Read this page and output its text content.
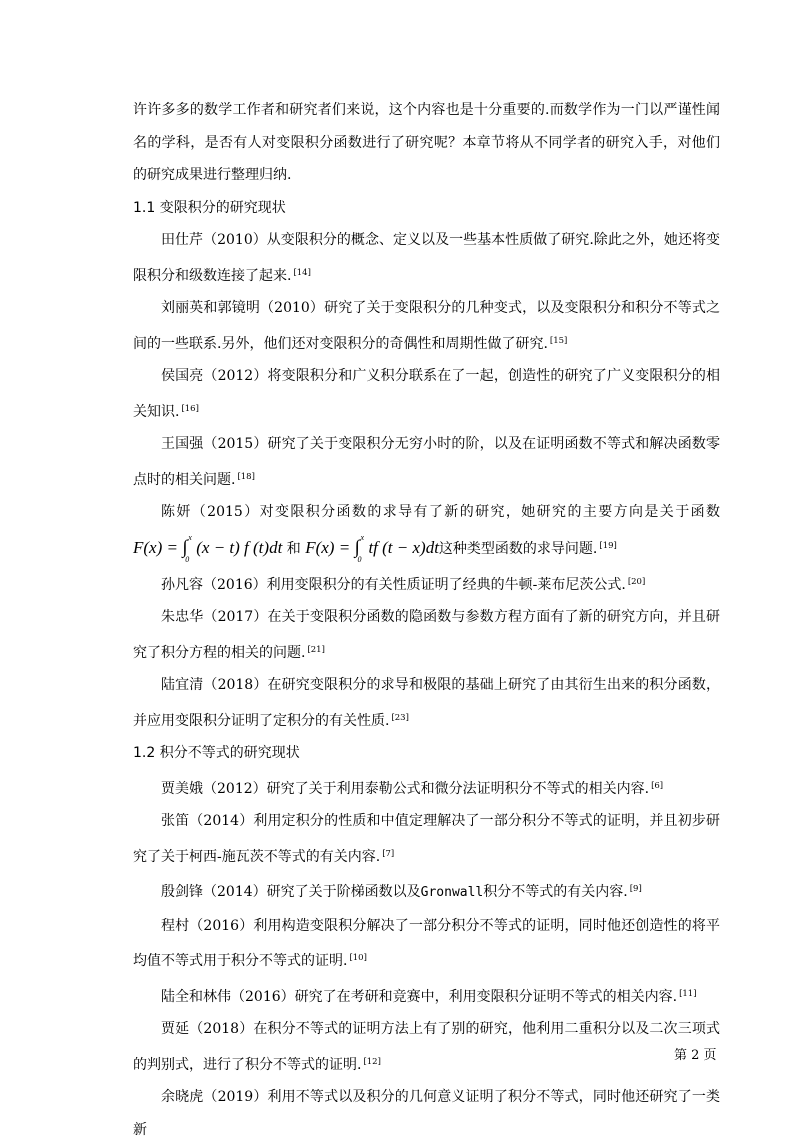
许许多多的数学工作者和研究者们来说，这个内容也是十分重要的.而数学作为一门以严谨性闻名的学科，是否有人对变限积分函数进行了研究呢？本章节将从不同学者的研究入手，对他们的研究成果进行整理归纳.

1.1 变限积分的研究现状

田仕芹（2010）从变限积分的概念、定义以及一些基本性质做了研究.除此之外，她还将变限积分和级数连接了起来. [14]

刘丽英和郭镜明（2010）研究了关于变限积分的几种变式，以及变限积分和积分不等式之间的一些联系.另外，他们还对变限积分的奇偶性和周期性做了研究. [15]

侯国亮（2012）将变限积分和广义积分联系在了一起，创造性的研究了广义变限积分的相关知识. [16]

王国强（2015）研究了关于变限积分无穷小时的阶，以及在证明函数不等式和解决函数零点时的相关问题. [18]

陈妍（2015）对变限积分函数的求导有了新的研究，她研究的主要方向是关于函数

F(x) = ∫ x
0
(x − t) f (t)dt 和 F(x) = ∫ x
0
tf (t − x)dt这种类型函数的求导问题. [19]

孙凡容（2016）利用变限积分的有关性质证明了经典的牛顿-莱布尼茨公式. [20]

朱忠华（2017）在关于变限积分函数的隐函数与参数方程方面有了新的研究方向，并且研究了积分方程的相关的问题. [21]

陆宜清（2018）在研究变限积分的求导和极限的基础上研究了由其衍生出来的积分函数，并应用变限积分证明了定积分的有关性质. [23]

1.2 积分不等式的研究现状

贾美娥（2012）研究了关于利用泰勒公式和微分法证明积分不等式的相关内容. [6]

张笛（2014）利用定积分的性质和中值定理解决了一部分积分不等式的证明，并且初步研究了关于柯西-施瓦茨不等式的有关内容. [7]

殷剑锋（2014）研究了关于阶梯函数以及Gronwall积分不等式的有关内容. [9]

程村（2016）利用构造变限积分解决了一部分积分不等式的证明，同时他还创造性的将平均值不等式用于积分不等式的证明. [10]

陆全和林伟（2016）研究了在考研和竞赛中，利用变限积分证明不等式的相关内容. [11]

贾延（2018）在积分不等式的证明方法上有了别的研究，他利用二重积分以及二次三项式的判别式，进行了积分不等式的证明. [12]

余晓虎（2019）利用不等式以及积分的几何意义证明了积分不等式，同时他还研究了一类新

第 2 页
